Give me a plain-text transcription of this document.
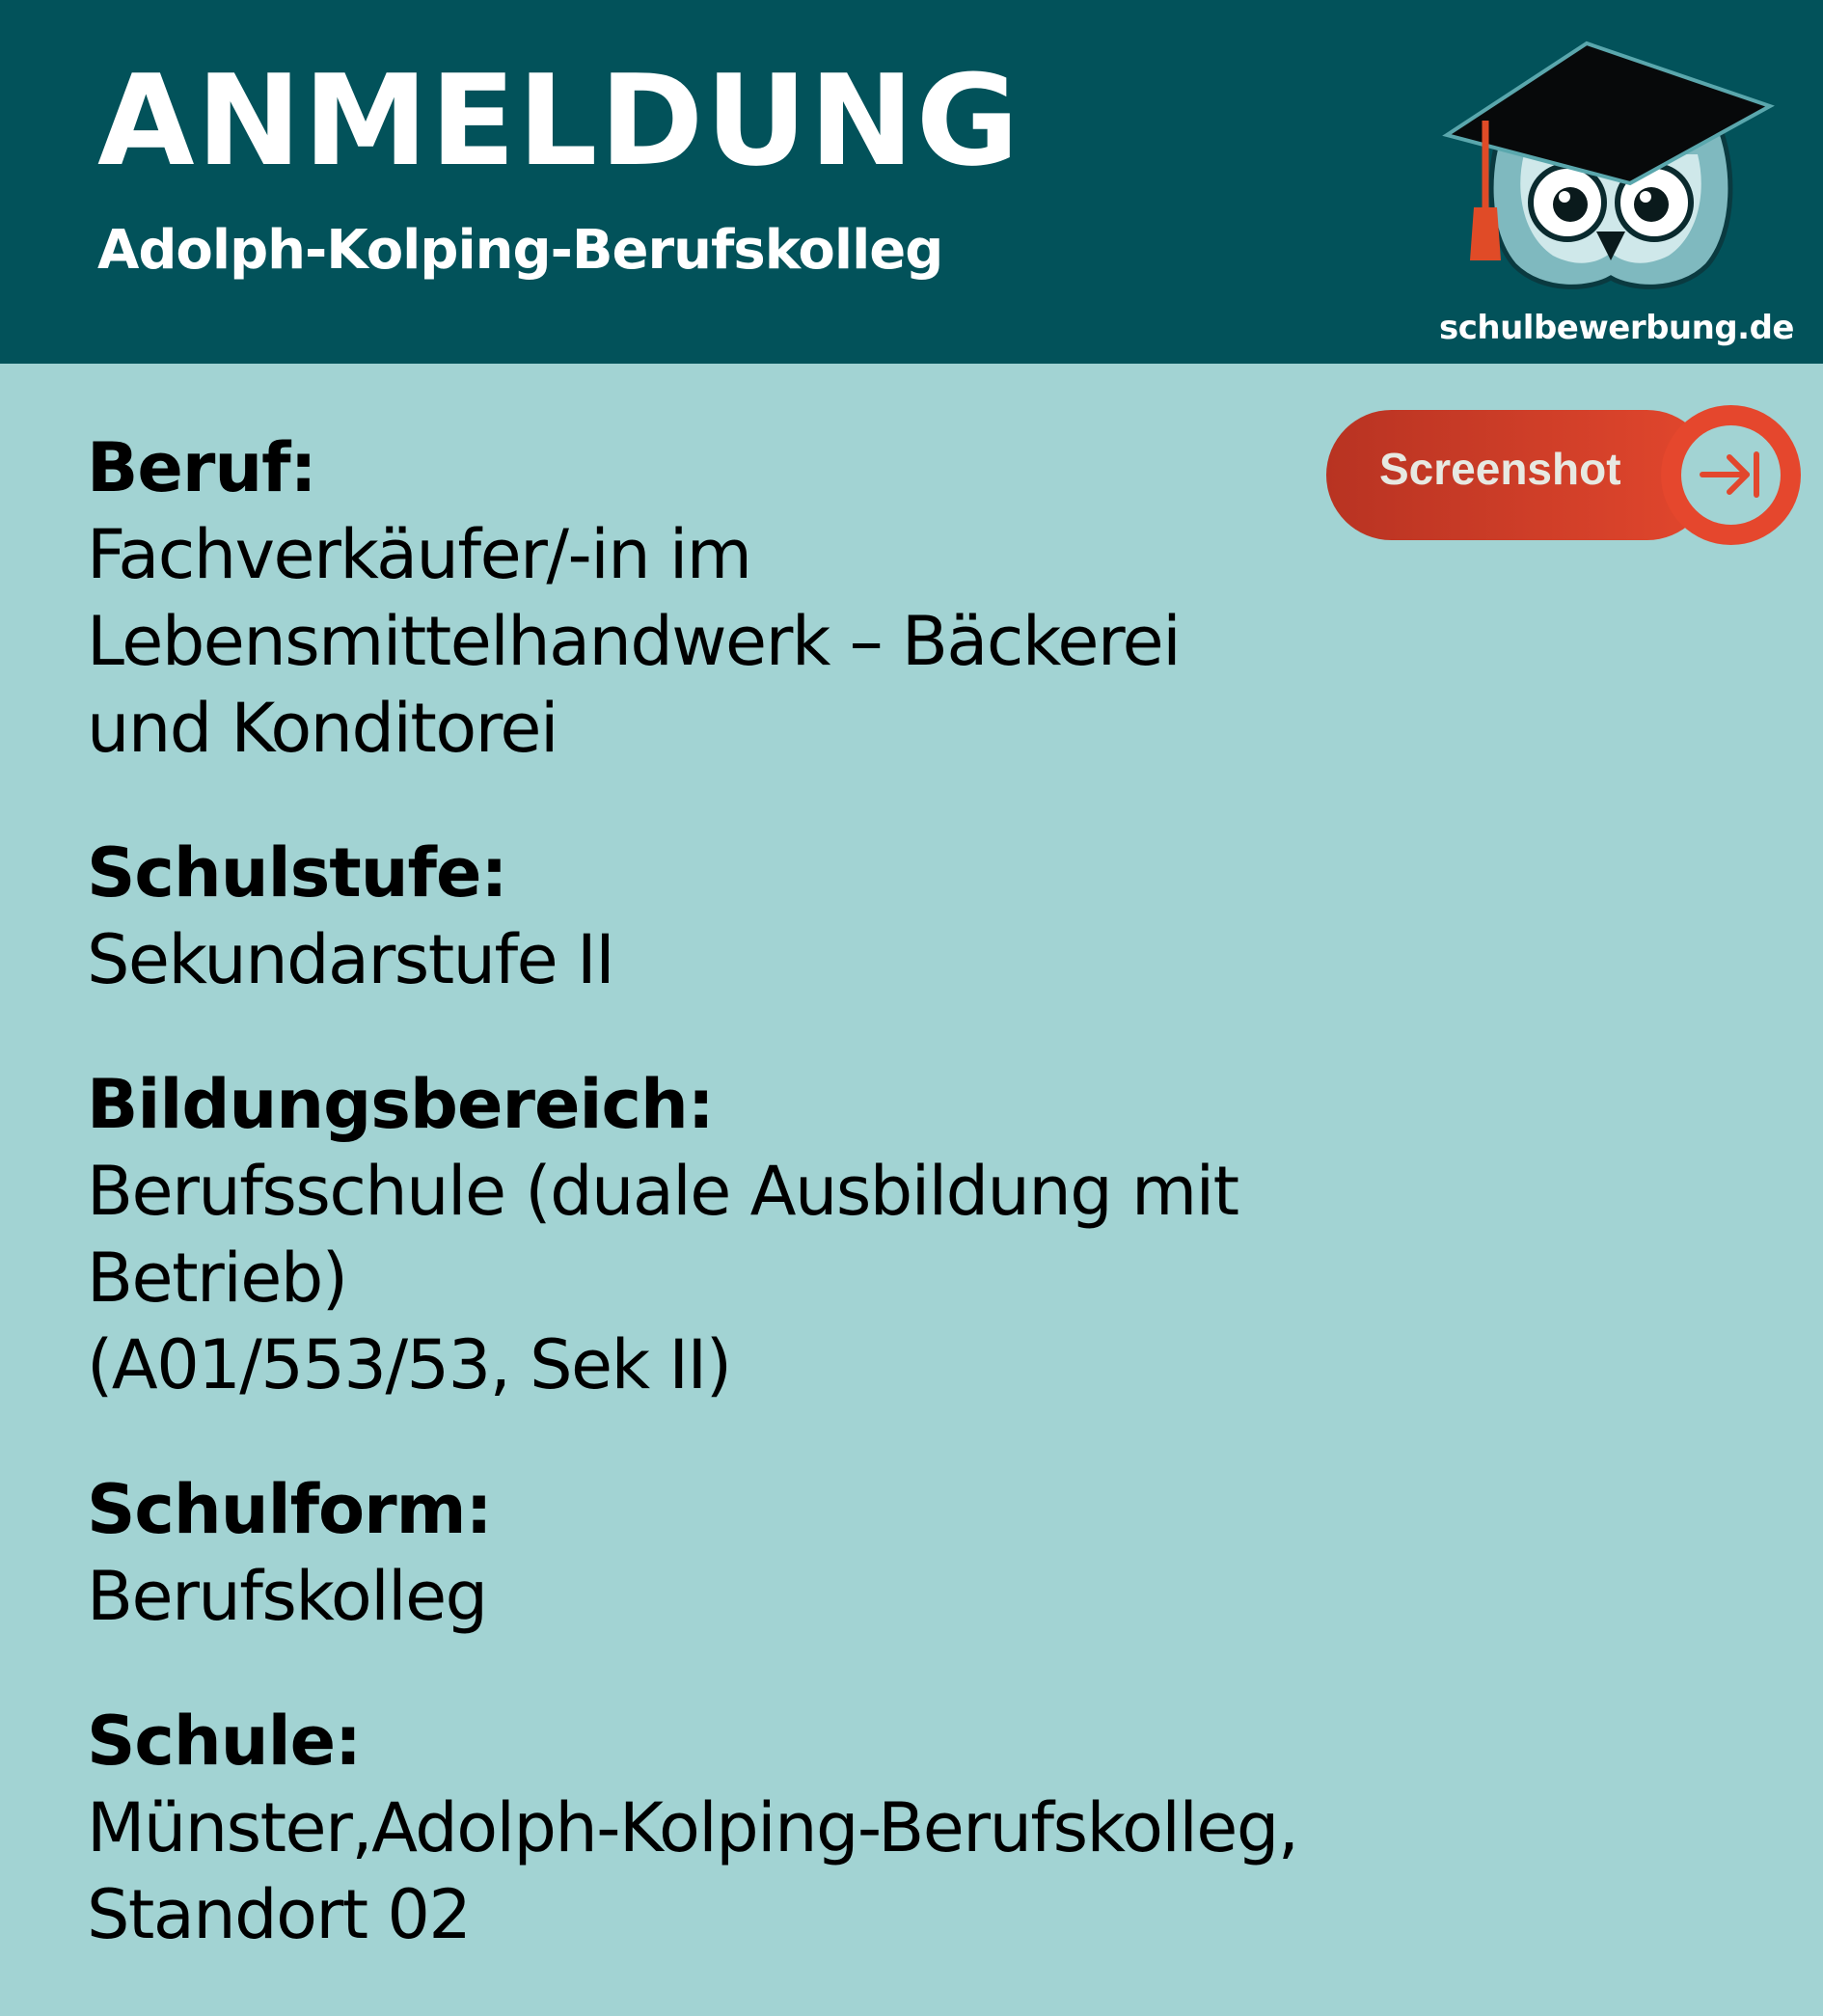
ANMELDUNG
Adolph-Kolping-Berufskolleg
schulbewerbung.de
Screenshot
Beruf:
Fachverkäufer/-in im
Lebensmittelhandwerk – Bäckerei
und Konditorei
Schulstufe:
Sekundarstufe II
Bildungsbereich:
Berufsschule (duale Ausbildung mit Betrieb)
(A01/553/53, Sek II)
Schulform:
Berufskolleg
Schule:
Münster,Adolph-Kolping-Berufskolleg,
Standort 02
